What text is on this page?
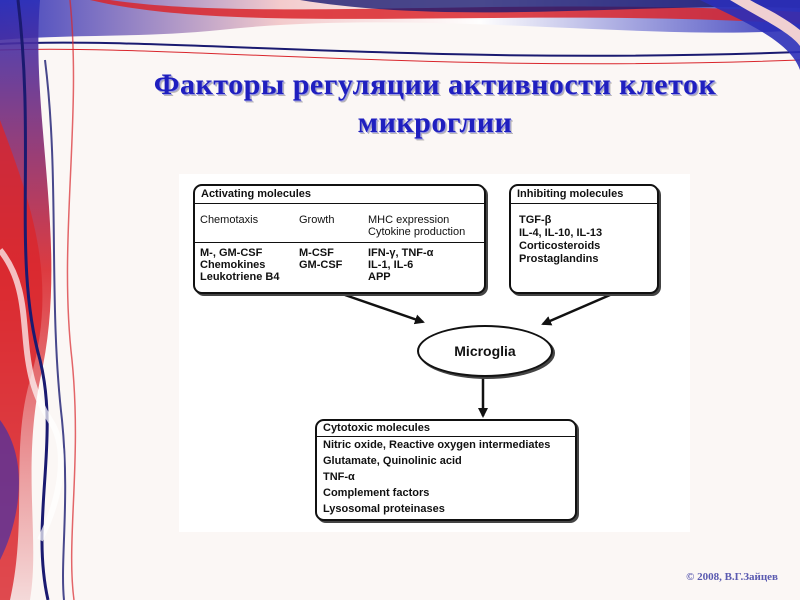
Факторы регуляции активности клеток
микроглии
Activating molecules
Chemotaxis	Growth	MHC expression
Cytokine production
M-, GM-CSF
Chemokines
Leukotriene B4
M-CSF
GM-CSF
IFN-γ, TNF-α
IL-1, IL-6
APP
Inhibiting molecules
TGF-β
IL-4, IL-10, IL-13
Corticosteroids
Prostaglandins
Microglia
Cytotoxic molecules
Nitric oxide, Reactive oxygen intermediates
Glutamate, Quinolinic acid
TNF-α
Complement factors
Lysosomal proteinases
© 2008, В.Г.Зайцев
